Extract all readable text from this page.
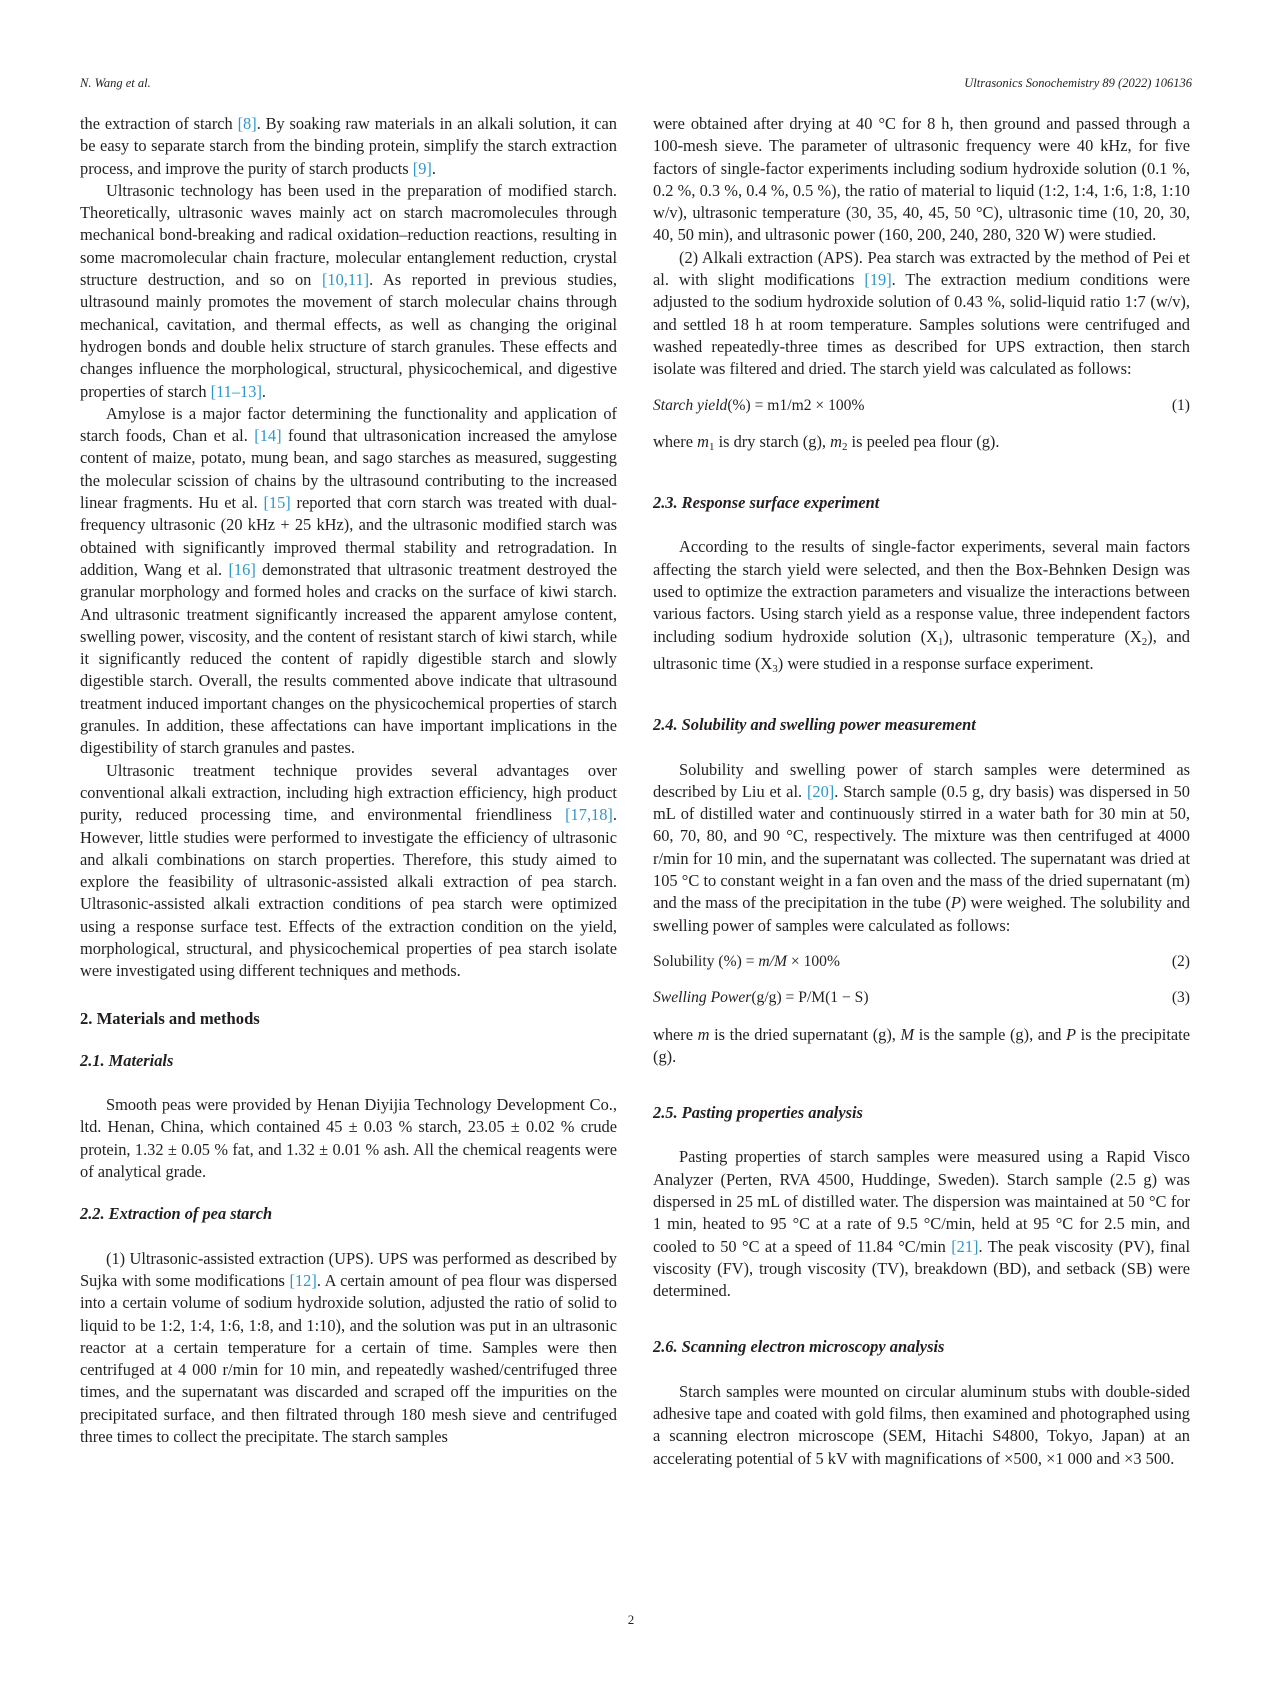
N. Wang et al.	Ultrasonics Sonochemistry 89 (2022) 106136

the extraction of starch [8]. By soaking raw materials in an alkali solution, it can be easy to separate starch from the binding protein, simplify the starch extraction process, and improve the purity of starch products [9].

Ultrasonic technology has been used in the preparation of modified starch. Theoretically, ultrasonic waves mainly act on starch macromolecules through mechanical bond-breaking and radical oxidation–reduction reactions, resulting in some macromolecular chain fracture, molecular entanglement reduction, crystal structure destruction, and so on [10,11]. As reported in previous studies, ultrasound mainly promotes the movement of starch molecular chains through mechanical, cavitation, and thermal effects, as well as changing the original hydrogen bonds and double helix structure of starch granules. These effects and changes influence the morphological, structural, physicochemical, and digestive properties of starch [11–13].

Amylose is a major factor determining the functionality and application of starch foods, Chan et al. [14] found that ultrasonication increased the amylose content of maize, potato, mung bean, and sago starches as measured, suggesting the molecular scission of chains by the ultrasound contributing to the increased linear fragments. Hu et al. [15] reported that corn starch was treated with dual-frequency ultrasonic (20 kHz + 25 kHz), and the ultrasonic modified starch was obtained with significantly improved thermal stability and retrogradation. In addition, Wang et al. [16] demonstrated that ultrasonic treatment destroyed the granular morphology and formed holes and cracks on the surface of kiwi starch. And ultrasonic treatment significantly increased the apparent amylose content, swelling power, viscosity, and the content of resistant starch of kiwi starch, while it significantly reduced the content of rapidly digestible starch and slowly digestible starch. Overall, the results commented above indicate that ultrasound treatment induced important changes on the physicochemical properties of starch granules. In addition, these affectations can have important implications in the digestibility of starch granules and pastes.

Ultrasonic treatment technique provides several advantages over conventional alkali extraction, including high extraction efficiency, high product purity, reduced processing time, and environmental friendliness [17,18]. However, little studies were performed to investigate the efficiency of ultrasonic and alkali combinations on starch properties. Therefore, this study aimed to explore the feasibility of ultrasonic-assisted alkali extraction of pea starch. Ultrasonic-assisted alkali extraction conditions of pea starch were optimized using a response surface test. Effects of the extraction condition on the yield, morphological, structural, and physicochemical properties of pea starch isolate were investigated using different techniques and methods.

2. Materials and methods
2.1. Materials

Smooth peas were provided by Henan Diyijia Technology Development Co., ltd. Henan, China, which contained 45 ± 0.03 % starch, 23.05 ± 0.02 % crude protein, 1.32 ± 0.05 % fat, and 1.32 ± 0.01 % ash. All the chemical reagents were of analytical grade.

2.2. Extraction of pea starch

(1) Ultrasonic-assisted extraction (UPS). UPS was performed as described by Sujka with some modifications [12]. A certain amount of pea flour was dispersed into a certain volume of sodium hydroxide solution, adjusted the ratio of solid to liquid to be 1:2, 1:4, 1:6, 1:8, and 1:10), and the solution was put in an ultrasonic reactor at a certain temperature for a certain of time. Samples were then centrifuged at 4 000 r/min for 10 min, and repeatedly washed/centrifuged three times, and the supernatant was discarded and scraped off the impurities on the precipitated surface, and then filtrated through 180 mesh sieve and centrifuged three times to collect the precipitate. The starch samples

were obtained after drying at 40 °C for 8 h, then ground and passed through a 100-mesh sieve. The parameter of ultrasonic frequency were 40 kHz, for five factors of single-factor experiments including sodium hydroxide solution (0.1 %, 0.2 %, 0.3 %, 0.4 %, 0.5 %), the ratio of material to liquid (1:2, 1:4, 1:6, 1:8, 1:10 w/v), ultrasonic temperature (30, 35, 40, 45, 50 °C), ultrasonic time (10, 20, 30, 40, 50 min), and ultrasonic power (160, 200, 240, 280, 320 W) were studied.

(2) Alkali extraction (APS). Pea starch was extracted by the method of Pei et al. with slight modifications [19]. The extraction medium conditions were adjusted to the sodium hydroxide solution of 0.43 %, solid-liquid ratio 1:7 (w/v), and settled 18 h at room temperature. Samples solutions were centrifuged and washed repeatedly-three times as described for UPS extraction, then starch isolate was filtered and dried. The starch yield was calculated as follows:

Starch yield(%) = m1/m2 × 100%	(1)

where $m_1$ is dry starch (g), $m_2$ is peeled pea flour (g).

2.3. Response surface experiment

According to the results of single-factor experiments, several main factors affecting the starch yield were selected, and then the Box-Behnken Design was used to optimize the extraction parameters and visualize the interactions between various factors. Using starch yield as a response value, three independent factors including sodium hydroxide solution $(X_1)$, ultrasonic temperature $(X_2)$, and ultrasonic time $(X_3)$ were studied in a response surface experiment.

2.4. Solubility and swelling power measurement

Solubility and swelling power of starch samples were determined as described by Liu et al. [20]. Starch sample (0.5 g, dry basis) was dispersed in 50 mL of distilled water and continuously stirred in a water bath for 30 min at 50, 60, 70, 80, and 90 °C, respectively. The mixture was then centrifuged at 4000 r/min for 10 min, and the supernatant was collected. The supernatant was dried at 105 °C to constant weight in a fan oven and the mass of the dried supernatant (m) and the mass of the precipitation in the tube (P) were weighed. The solubility and swelling power of samples were calculated as follows:

Solubility (%) = m/M × 100%	(2)
Swelling Power(g/g) = P/M(1 − S)	(3)

where m is the dried supernatant (g), M is the sample (g), and P is the precipitate (g).

2.5. Pasting properties analysis

Pasting properties of starch samples were measured using a Rapid Visco Analyzer (Perten, RVA 4500, Huddinge, Sweden). Starch sample (2.5 g) was dispersed in 25 mL of distilled water. The dispersion was maintained at 50 °C for 1 min, heated to 95 °C at a rate of 9.5 °C/min, held at 95 °C for 2.5 min, and cooled to 50 °C at a speed of 11.84 °C/min [21]. The peak viscosity (PV), final viscosity (FV), trough viscosity (TV), breakdown (BD), and setback (SB) were determined.

2.6. Scanning electron microscopy analysis

Starch samples were mounted on circular aluminum stubs with double-sided adhesive tape and coated with gold films, then examined and photographed using a scanning electron microscope (SEM, Hitachi S4800, Tokyo, Japan) at an accelerating potential of 5 kV with magnifications of ×500, ×1 000 and ×3 500.

2
